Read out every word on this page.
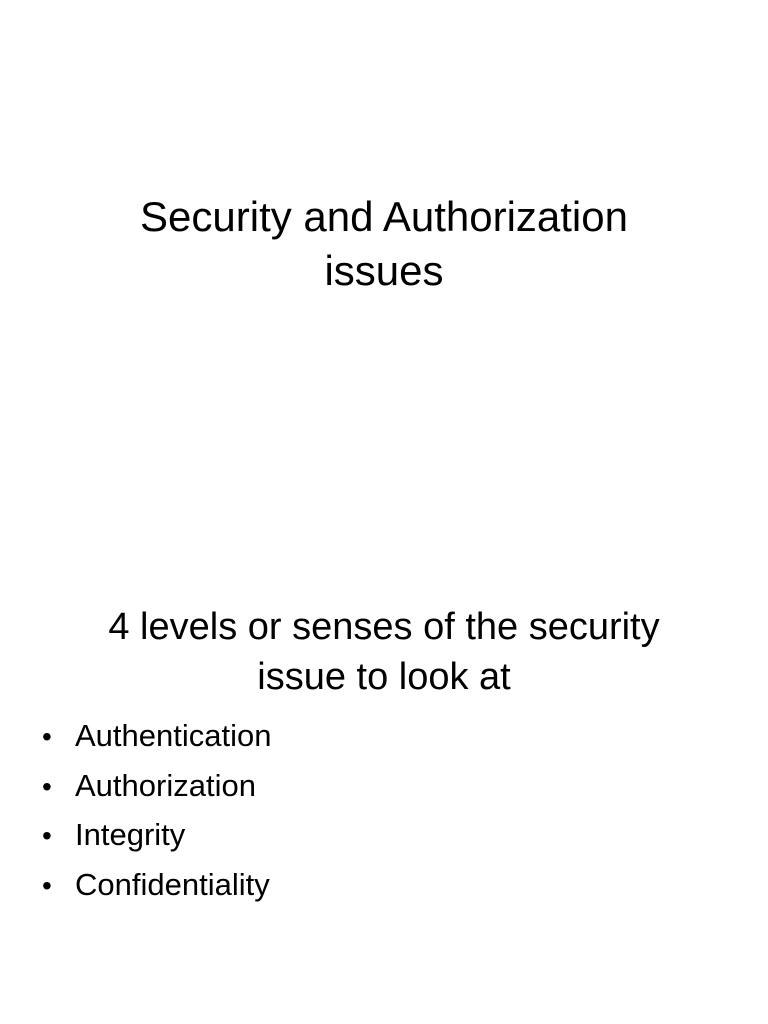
Security and Authorization
issues
4 levels or senses of the security
issue to look at
• Authentication
• Authorization
• Integrity
• Confidentiality
